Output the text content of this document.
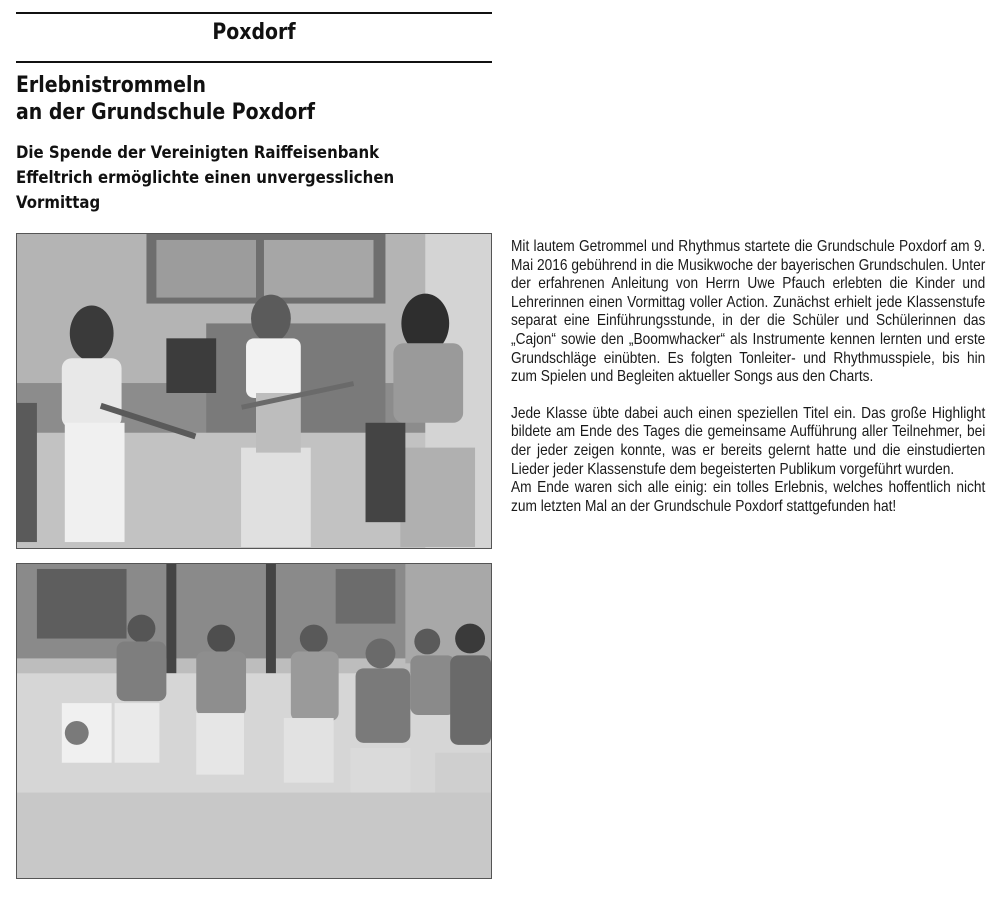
Poxdorf
Erlebnistrommeln
an der Grundschule Poxdorf
Die Spende der Vereinigten Raiffeisenbank
Effeltrich ermöglichte einen unvergesslichen
Vormittag

Mit lautem Getrommel und Rhythmus startete die Grundschule Poxdorf am 9. Mai 2016 gebührend in die Musikwoche der bayerischen Grundschulen. Unter der erfahrenen Anleitung von Herrn Uwe Pfauch erlebten die Kinder und Lehrerinnen einen Vormittag voller Action. Zunächst erhielt jede Klassenstufe separat eine Einführungsstunde, in der die Schüler und Schülerinnen das „Cajon“ sowie den „Boomwhacker“ als Instrumente kennen lernten und erste Grundschläge einübten. Es folgten Tonleiter- und Rhythmusspiele, bis hin zum Spielen und Begleiten aktueller Songs aus den Charts.

Jede Klasse übte dabei auch einen speziellen Titel ein. Das große Highlight bildete am Ende des Tages die gemeinsame Aufführung aller Teilnehmer, bei der jeder zeigen konnte, was er bereits gelernt hatte und die einstudierten Lieder jeder Klassenstufe dem begeisterten Publikum vorgeführt wurden.

Am Ende waren sich alle einig: ein tolles Erlebnis, welches hoffentlich nicht zum letzten Mal an der Grundschule Poxdorf stattgefunden hat!
